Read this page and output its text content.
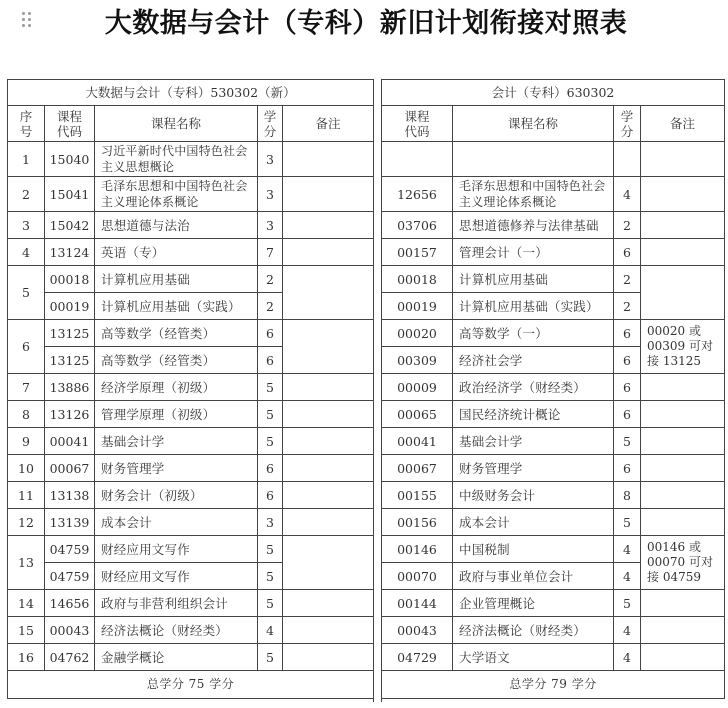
大数据与会计（专科）新旧计划衔接对照表
大数据与会计（专科）530302（新）				
序号	课程代码	课程名称	学分	备注
1	15040	习近平新时代中国特色社会主义思想概论	3	
2	15041	毛泽东思想和中国特色社会主义理论体系概论	3	
3	15042	思想道德与法治	3	
4	13124	英语（专）	7	
5	00018	计算机应用基础	2	
	00019	计算机应用基础（实践）	2	
6	13125	高等数学（经管类）	6	
	13125	高等数学（经管类）	6	
7	13886	经济学原理（初级）	5	
8	13126	管理学原理（初级）	5	
9	00041	基础会计学	5	
10	00067	财务管理学	6	
11	13138	财务会计（初级）	6	
12	13139	成本会计	3	
13	04759	财经应用文写作	5	
	04759	财经应用文写作	5	
14	14656	政府与非营利组织会计	5	
15	00043	经济法概论（财经类）	4	
16	04762	金融学概论	5	
总学分 75 学分				
会计（专科）630302			
课程代码	课程名称	学分	备注

12656	毛泽东思想和中国特色社会主义理论体系概论	4	
03706	思想道德修养与法律基础	2	
00157	管理会计（一）	6	
00018	计算机应用基础	2	
00019	计算机应用基础（实践）	2	
00020	高等数学（一）	6	00020 或00309 可对接 13125
00309	经济社会学	6	
00009	政治经济学（财经类）	6	
00065	国民经济统计概论	6	
00041	基础会计学	5	
00067	财务管理学	6	
00155	中级财务会计	8	
00156	成本会计	5	
00146	中国税制	4	00146 或00070 可对接 04759
00070	政府与事业单位会计	4	
00144	企业管理概论	5	
00043	经济法概论（财经类）	4	
04729	大学语文	4	
总学分 79 学分			
